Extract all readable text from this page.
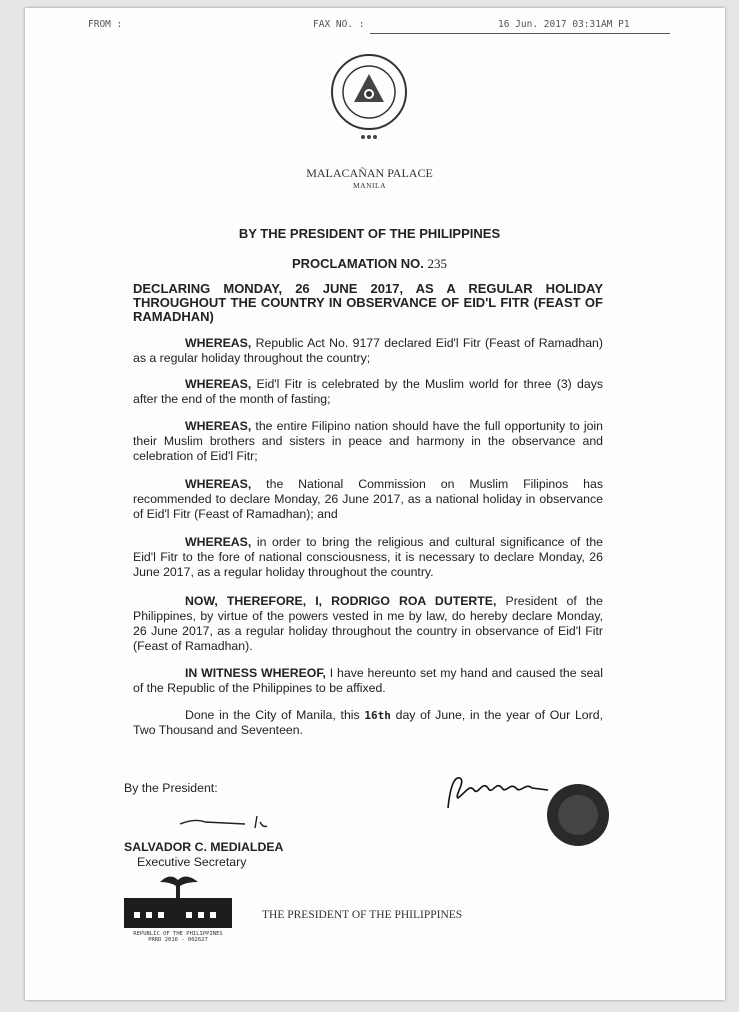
FROM :	FAX NO. :	16 Jun. 2017 03:31AM P1
MALACAÑAN PALACE
MANILA
BY THE PRESIDENT OF THE PHILIPPINES
PROCLAMATION NO. 235
DECLARING MONDAY, 26 JUNE 2017, AS A REGULAR HOLIDAY THROUGHOUT THE COUNTRY IN OBSERVANCE OF EID'L FITR (FEAST OF RAMADHAN)
WHEREAS, Republic Act No. 9177 declared Eid'l Fitr (Feast of Ramadhan) as a regular holiday throughout the country;
WHEREAS, Eid'l Fitr is celebrated by the Muslim world for three (3) days after the end of the month of fasting;
WHEREAS, the entire Filipino nation should have the full opportunity to join their Muslim brothers and sisters in peace and harmony in the observance and celebration of Eid'l Fitr;
WHEREAS, the National Commission on Muslim Filipinos has recommended to declare Monday, 26 June 2017, as a national holiday in observance of Eid'l Fitr (Feast of Ramadhan); and
WHEREAS, in order to bring the religious and cultural significance of the Eid'l Fitr to the fore of national consciousness, it is necessary to declare Monday, 26 June 2017, as a regular holiday throughout the country.
NOW, THEREFORE, I, RODRIGO ROA DUTERTE, President of the Philippines, by virtue of the powers vested in me by law, do hereby declare Monday, 26 June 2017, as a regular holiday throughout the country in observance of Eid'l Fitr (Feast of Ramadhan).
IN WITNESS WHEREOF, I have hereunto set my hand and caused the seal of the Republic of the Philippines to be affixed.
Done in the City of Manila, this 16th day of June, in the year of Our Lord, Two Thousand and Seventeen.
By the President:
SALVADOR C. MEDIALDEA
Executive Secretary
REPUBLIC OF THE PHILIPPINES
PRRD 2016 - 002627
THE PRESIDENT OF THE PHILIPPINES
